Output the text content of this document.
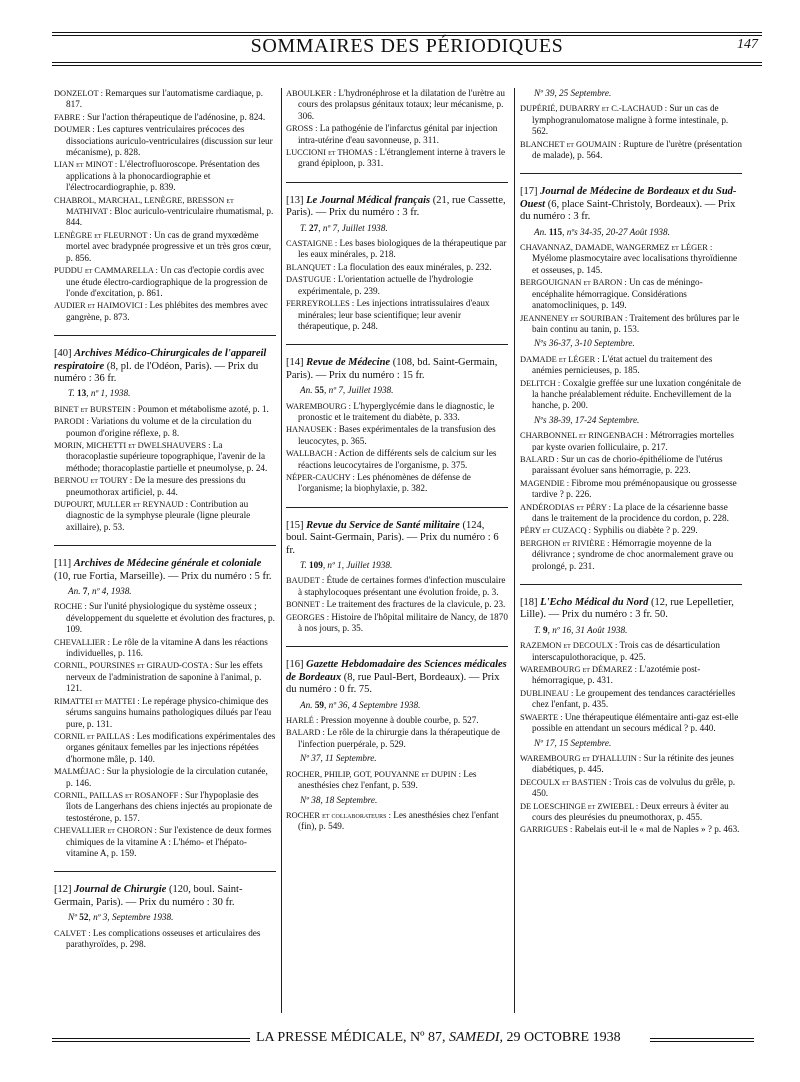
SOMMAIRES DES PÉRIODIQUES	147
DONZELOT : Remarques sur l'automatisme cardiaque, p. 817.
FABRE : Sur l'action thérapeutique de l'adénosine, p. 824.
DOUMER : Les captures ventriculaires précoces des dissociations auriculo-ventriculaires (discussion sur leur mécanisme), p. 828.
LIAN et MINOT : L'électrofluoroscope. Présentation des applications à la phonocardiographie et l'électrocardiographie, p. 839.
CHABROL, MARCHAL, LENÈGRE, BRESSON et MATHIVAT : Bloc auriculo-ventriculaire rhumatismal, p. 844.
LENÈGRE et FLEURNOT : Un cas de grand myxœdème mortel avec bradypnée progressive et un très gros cœur, p. 856.
PUDDU et CAMMARELLA : Un cas d'ectopie cordis avec une étude électro-cardiographique de la progression de l'onde d'excitation, p. 861.
AUDIER et HAIMOVICI : Les phlébites des membres avec gangrène, p. 873.
[40] Archives Médico-Chirurgicales de l'appareil respiratoire (8, pl. de l'Odéon, Paris). — Prix du numéro : 36 fr.
T. 13, nº 1, 1938.
BINET et BURSTEIN : Poumon et métabolisme azoté, p. 1.
PARODI : Variations du volume et de la circulation du poumon d'origine réflexe, p. 8.
MORIN, MICHETTI et DWELSHAUVERS : La thoracoplastie supérieure topographique, l'avenir de la méthode; thoracoplastie partielle et pneumolyse, p. 24.
BERNOU et TOURY : De la mesure des pressions du pneumothorax artificiel, p. 44.
DUPOURT, MULLER et REYNAUD : Contribution au diagnostic de la symphyse pleurale (ligne pleurale axillaire), p. 53.
[11] Archives de Médecine générale et coloniale (10, rue Fortia, Marseille). — Prix du numéro : 5 fr.
An. 7, nº 4, 1938.
ROCHE : Sur l'unité physiologique du système osseux ; développement du squelette et évolution des fractures, p. 109.
CHEVALLIER : Le rôle de la vitamine A dans les réactions individuelles, p. 116.
CORNIL, POURSINES et GIRAUD-COSTA : Sur les effets nerveux de l'administration de saponine à l'animal, p. 121.
RIMATTEI et MATTEI : Le repérage physico-chimique des sérums sanguins humains pathologiques dilués par l'eau pure, p. 131.
CORNIL et PAILLAS : Les modifications expérimentales des organes génitaux femelles par les injections répétées d'hormone mâle, p. 140.
MALMÉJAC : Sur la physiologie de la circulation cutanée, p. 146.
CORNIL, PAILLAS et ROSANOFF : Sur l'hypoplasie des îlots de Langerhans des chiens injectés au propionate de testostérone, p. 157.
CHEVALLIER et CHORON : Sur l'existence de deux formes chimiques de la vitamine A : L'hémo- et l'hépato-vitamine A, p. 159.
[12] Journal de Chirurgie (120, boul. Saint-Germain, Paris). — Prix du numéro : 30 fr.
Nº 52, nº 3, Septembre 1938.
CALVET : Les complications osseuses et articulaires des parathyroïdes, p. 298.
ABOULKER : L'hydronéphrose et la dilatation de l'urètre au cours des prolapsus génitaux totaux; leur mécanisme, p. 306.
GROSS : La pathogénie de l'infarctus génital par injection intra-utérine d'eau savonneuse, p. 311.
LUCCIONI et THOMAS : L'étranglement interne à travers le grand épiploon, p. 331.
[13] Le Journal Médical français (21, rue Cassette, Paris). — Prix du numéro : 3 fr.
T. 27, nº 7, Juillet 1938.
CASTAIGNE : Les bases biologiques de la thérapeutique par les eaux minérales, p. 218.
BLANQUET : La floculation des eaux minérales, p. 232.
DASTUGUE : L'orientation actuelle de l'hydrologie expérimentale, p. 239.
FERREYROLLES : Les injections intratissulaires d'eaux minérales; leur base scientifique; leur avenir thérapeutique, p. 248.
[14] Revue de Médecine (108, bd. Saint-Germain, Paris). — Prix du numéro : 15 fr.
An. 55, nº 7, Juillet 1938.
WAREMBOURG : L'hyperglycémie dans le diagnostic, le pronostic et le traitement du diabète, p. 333.
HANAUSEK : Bases expérimentales de la transfusion des leucocytes, p. 365.
WALLBACH : Action de différents sels de calcium sur les réactions leucocytaires de l'organisme, p. 375.
NÉPER-CAUCHY : Les phénomènes de défense de l'organisme; la biophylaxie, p. 382.
[15] Revue du Service de Santé militaire (124, boul. Saint-Germain, Paris). — Prix du numéro : 6 fr.
T. 109, nº 1, Juillet 1938.
BAUDET : Étude de certaines formes d'infection musculaire à staphylocoques présentant une évolution froide, p. 3.
BONNET : Le traitement des fractures de la clavicule, p. 23.
GEORGES : Histoire de l'hôpital militaire de Nancy, de 1870 à nos jours, p. 35.
[16] Gazette Hebdomadaire des Sciences médicales de Bordeaux (8, rue Paul-Bert, Bordeaux). — Prix du numéro : 0 fr. 75.
An. 59, nº 36, 4 Septembre 1938.
HARLÉ : Pression moyenne à double courbe, p. 527.
BALARD : Le rôle de la chirurgie dans la thérapeutique de l'infection puerpérale, p. 529.
Nº 37, 11 Septembre.
ROCHER, PHILIP, GOT, POUYANNE et DUPIN : Les anesthésies chez l'enfant, p. 539.
Nº 38, 18 Septembre.
ROCHER et collaborateurs : Les anesthésies chez l'enfant (fin), p. 549.
Nº 39, 25 Septembre.
DUPÉRIÉ, DUBARRY et C.-LACHAUD : Sur un cas de lymphogranulomatose maligne à forme intestinale, p. 562.
BLANCHET et GOUMAIN : Rupture de l'urètre (présentation de malade), p. 564.
[17] Journal de Médecine de Bordeaux et du Sud-Ouest (6, place Saint-Christoly, Bordeaux). — Prix du numéro : 3 fr.
An. 115, nºs 34-35, 20-27 Août 1938.
CHAVANNAZ, DAMADE, WANGERMEZ et LÉGER : Myélome plasmocytaire avec localisations thyroïdienne et osseuses, p. 145.
BERGOUIGNAN et BARON : Un cas de méningo-encéphalite hémorragique. Considérations anatomocliniques, p. 149.
JEANNENEY et SOURIBAN : Traitement des brûlures par le bain continu au tanin, p. 153.
Nºs 36-37, 3-10 Septembre.
DAMADE et LÉGER : L'état actuel du traitement des anémies pernicieuses, p. 185.
DELITCH : Coxalgie greffée sur une luxation congénitale de la hanche préalablement réduite. Enchevillement de la hanche, p. 200.
Nºs 38-39, 17-24 Septembre.
CHARBONNEL et RINGENBACH : Métrorragies mortelles par kyste ovarien folliculaire, p. 217.
BALARD : Sur un cas de chorio-épithéliome de l'utérus paraissant évoluer sans hémorragie, p. 223.
MAGENDIE : Fibrome mou préménopausique ou grossesse tardive ? p. 226.
ANDÉRODIAS et PÉRY : La place de la césarienne basse dans le traitement de la procidence du cordon, p. 228.
PÉRY et CUZACQ : Syphilis ou diabète ? p. 229.
BERGHON et RIVIÈRE : Hémorragie moyenne de la délivrance ; syndrome de choc anormalement grave ou prolongé, p. 231.
[18] L'Echo Médical du Nord (12, rue Lepelletier, Lille). — Prix du numéro : 3 fr. 50.
T. 9, nº 16, 31 Août 1938.
RAZEMON et DECOULX : Trois cas de désarticulation interscapulothoracique, p. 425.
WAREMBOURG et DÉMAREZ : L'azotémie post-hémorragique, p. 431.
DUBLINEAU : Le groupement des tendances caractérielles chez l'enfant, p. 435.
SWAERTE : Une thérapeutique élémentaire anti-gaz est-elle possible en attendant un secours médical ? p. 440.
Nº 17, 15 Septembre.
WAREMBOURG et D'HALLUIN : Sur la rétinite des jeunes diabétiques, p. 445.
DECOULX et BASTIEN : Trois cas de volvulus du grêle, p. 450.
DE LOESCHINGE et ZWIEBEL : Deux erreurs à éviter au cours des pleurésies du pneumothorax, p. 455.
GARRIGUES : Rabelais eut-il le « mal de Naples » ? p. 463.
LA PRESSE MÉDICALE, Nº 87, SAMEDI, 29 OCTOBRE 1938
